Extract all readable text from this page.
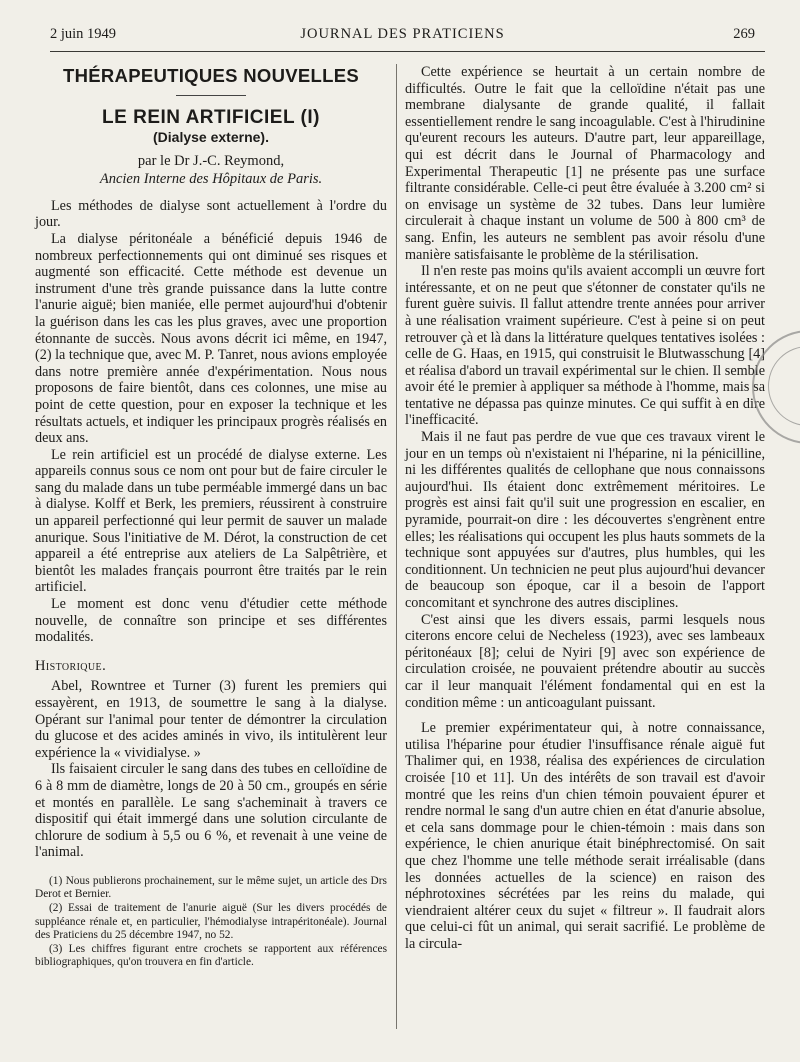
2 juin 1949	JOURNAL DES PRATICIENS	269
THÉRAPEUTIQUES NOUVELLES
LE REIN ARTIFICIEL (I)
(Dialyse externe).
par le Dr J.-C. Reymond,
Ancien Interne des Hôpitaux de Paris.

Les méthodes de dialyse sont actuellement à l'ordre du jour.

La dialyse péritonéale a bénéficié depuis 1946 de nombreux perfectionnements qui ont diminué ses risques et augmenté son efficacité. Cette méthode est devenue un instrument d'une très grande puissance dans la lutte contre l'anurie aiguë; bien maniée, elle permet aujourd'hui d'obtenir la guérison dans les cas les plus graves, avec une proportion étonnante de succès. Nous avons décrit ici même, en 1947, (2) la technique que, avec M. P. Tanret, nous avions employée dans notre première année d'expérimentation. Nous nous proposons de faire bientôt, dans ces colonnes, une mise au point de cette question, pour en exposer la technique et les résultats actuels, et indiquer les principaux progrès réalisés en deux ans.

Le rein artificiel est un procédé de dialyse externe. Les appareils connus sous ce nom ont pour but de faire circuler le sang du malade dans un tube perméable immergé dans un bac à dialyse. Kolff et Berk, les premiers, réussirent à construire un appareil perfectionné qui leur permit de sauver un malade anurique. Sous l'initiative de M. Dérot, la construction de cet appareil a été entreprise aux ateliers de La Salpêtrière, et bientôt les malades français pourront être traités par le rein artificiel.

Le moment est donc venu d'étudier cette méthode nouvelle, de connaître son principe et ses différentes modalités.

Historique.

Abel, Rowntree et Turner (3) furent les premiers qui essayèrent, en 1913, de soumettre le sang à la dialyse. Opérant sur l'animal pour tenter de démontrer la circulation du glucose et des acides aminés in vivo, ils intitulèrent leur expérience la « vividialyse. »

Ils faisaient circuler le sang dans des tubes en celloïdine de 6 à 8 mm de diamètre, longs de 20 à 50 cm., groupés en série et montés en parallèle. Le sang s'acheminait à travers ce dispositif qui était immergé dans une solution circulante de chlorure de sodium à 5,5 ou 6 %, et revenait à une veine de l'animal.

(1) Nous publierons prochainement, sur le même sujet, un article des Drs Derot et Bernier.

(2) Essai de traitement de l'anurie aiguë (Sur les divers procédés de suppléance rénale et, en particulier, l'hémodialyse intrapéritonéale). Journal des Praticiens du 25 décembre 1947, no 52.

(3) Les chiffres figurant entre crochets se rapportent aux références bibliographiques, qu'on trouvera en fin d'article.

Cette expérience se heurtait à un certain nombre de difficultés. Outre le fait que la celloïdine n'était pas une membrane dialysante de grande qualité, il fallait essentiellement rendre le sang incoagulable. C'est à l'hirudinine qu'eurent recours les auteurs. D'autre part, leur appareillage, qui est décrit dans le Journal of Pharmacology and Experimental Therapeutic [1] ne présente pas une surface filtrante considérable. Celle-ci peut être évaluée à 3.200 cm² si on envisage un système de 32 tubes. Dans leur lumière circulerait à chaque instant un volume de 500 à 800 cm³ de sang. Enfin, les auteurs ne semblent pas avoir résolu d'une manière satisfaisante le problème de la stérilisation.

Il n'en reste pas moins qu'ils avaient accompli un œuvre fort intéressante, et on ne peut que s'étonner de constater qu'ils ne furent guère suivis. Il fallut attendre trente années pour arriver à une réalisation vraiment supérieure. C'est à peine si on peut retrouver çà et là dans la littérature quelques tentatives isolées : celle de G. Haas, en 1915, qui construisit le Blutwasschung [4] et réalisa d'abord un travail expérimental sur le chien. Il semble avoir été le premier à appliquer sa méthode à l'homme, mais sa tentative ne dépassa pas quinze minutes. Ce qui suffit à en dire l'inefficacité.

Mais il ne faut pas perdre de vue que ces travaux virent le jour en un temps où n'existaient ni l'héparine, ni la pénicilline, ni les différentes qualités de cellophane que nous connaissons aujourd'hui. Ils étaient donc extrêmement méritoires. Le progrès est ainsi fait qu'il suit une progression en escalier, en pyramide, pourrait-on dire : les découvertes s'engrènent entre elles; les réalisations qui occupent les plus hauts sommets de la technique sont appuyées sur d'autres, plus humbles, qui les conditionnent. Un technicien ne peut plus aujourd'hui devancer de beaucoup son époque, car il a besoin de l'apport concomitant et synchrone des autres disciplines.

C'est ainsi que les divers essais, parmi lesquels nous citerons encore celui de Necheless (1923), avec ses lambeaux péritonéaux [8]; celui de Nyiri [9] avec son expérience de circulation croisée, ne pouvaient prétendre aboutir au succès car il leur manquait l'élément fondamental qui en est la condition même : un anticoagulant puissant.

Le premier expérimentateur qui, à notre connaissance, utilisa l'héparine pour étudier l'insuffisance rénale aiguë fut Thalimer qui, en 1938, réalisa des expériences de circulation croisée [10 et 11]. Un des intérêts de son travail est d'avoir montré que les reins d'un chien témoin pouvaient épurer et rendre normal le sang d'un autre chien en état d'anurie absolue, et cela sans dommage pour le chien-témoin : mais dans son expérience, le chien anurique était binéphrectomisé. On sait que chez l'homme une telle méthode serait irréalisable (dans les données actuelles de la science) en raison des néphrotoxines sécrétées par les reins du malade, qui viendraient altérer ceux du sujet « filtreur ». Il faudrait alors que celui-ci fût un animal, qui serait sacrifié. Le problème de la circula-
